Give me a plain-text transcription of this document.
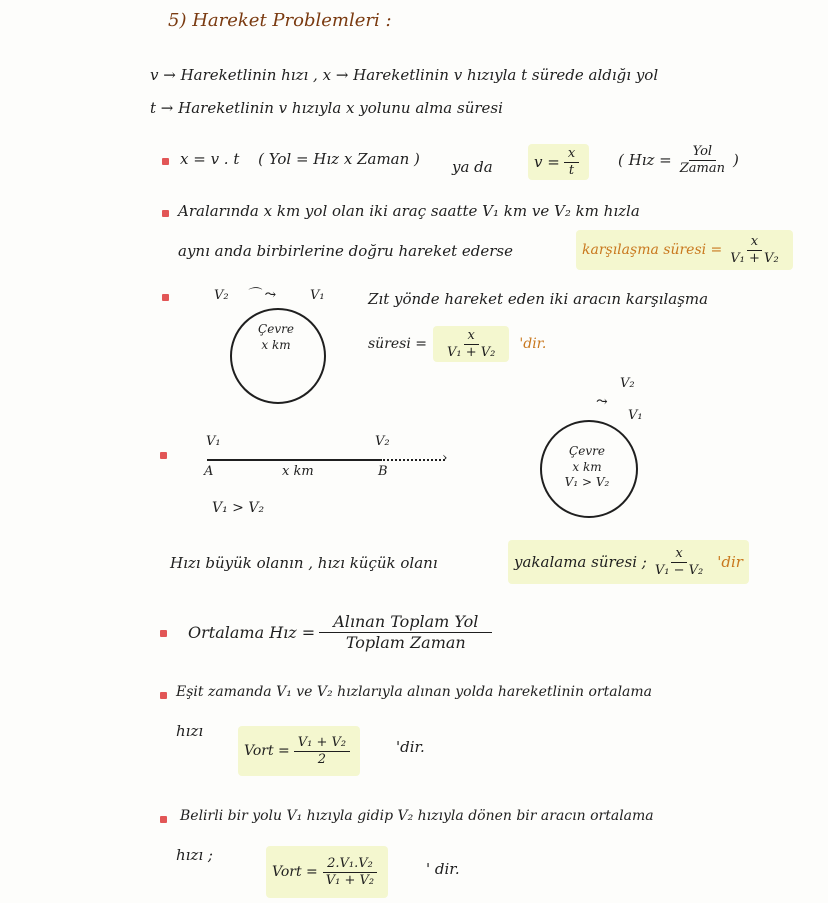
5) Hareket Problemleri :
v → Hareketlinin hızı , x → Hareketlinin v hızıyla t sürede aldığı yol
t → Hareketlinin v hızıyla x yolunu alma süresi
x = v . t ( Yol = Hız x Zaman ) ya da	$v = \frac{x}{t}$	( Hız = $\frac{\text{Yol}}{\text{Zaman}}$ )
Aralarında x km yol olan iki araç saatte V₁ km ve V₂ km hızla
aynı anda birbirlerine doğru hareket ederse	karşılaşma süresi = $\frac{x}{\text{V₁ + V₂}}$
V₂ ⌒ ⤳	V₁
Çevre
x km
Zıt yönde hareket eden iki aracın karşılaşma
süresi = $\frac{x}{\text{V₁ + V₂}}$ 'dir.
V₁	V₂
›
A	B
x km
V₁ > V₂
V₂
⤳
V₁
Çevre
x km
V₁ > V₂
Hızı büyük olanın , hızı küçük olanı	yakalama süresi ; $\frac{x}{\text{V₁ − V₂}}$ 'dir
Ortalama Hız = $\frac{\text{Alınan Toplam Yol}}{\text{Toplam Zaman}}$
Eşit zamanda V₁ ve V₂ hızlarıyla alınan yolda hareketlinin ortalama
hızı
Vort = $\frac{\text{V₁ + V₂}}{2}$	'dir.
Belirli bir yolu V₁ hızıyla gidip V₂ hızıyla dönen bir aracın ortalama
hızı ;
Vort = $\frac{\text{2.V₁.V₂}}{\text{V₁ + V₂}}$	' dir.
